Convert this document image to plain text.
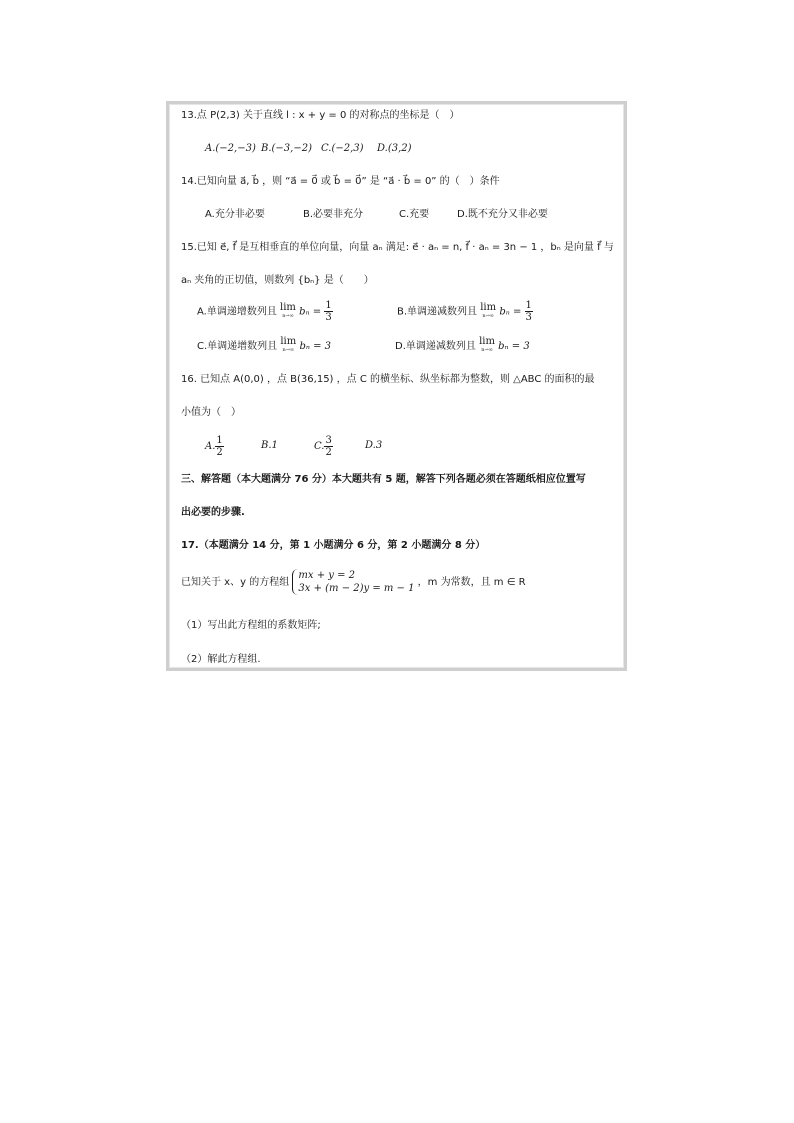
13.点 P(2,3) 关于直线 l : x + y = 0 的对称点的坐标是（　）
A.(−2,−3) B.(−3,−2) C.(−2,3) D.(3,2)
14.已知向量 a⃗, b⃗ ，则 “a⃗ = 0⃗ 或 b⃗ = 0⃗” 是 “a⃗ · b⃗ = 0” 的（　）条件
A.充分非必要	B.必要非充分	C.充要	D.既不充分又非必要
15.已知 e⃗, f⃗ 是互相垂直的单位向量，向量 aₙ 满足: e⃗ · aₙ = n, f⃗ · aₙ = 3n − 1 ，bₙ 是向量 f⃗ 与
aₙ 夹角的正切值，则数列 {bₙ} 是（　　）
A.单调递增数列且 lim
n→∞ $b_n = \frac{1}{3}$	B.单调递减数列且 lim
n→∞ $b_n = \frac{1}{3}$
C.单调递增数列且 lim
n→∞ bₙ = 3	D.单调递减数列且 lim
n→∞ bₙ = 3
16. 已知点 A(0,0) ，点 B(36,15) ，点 C 的横坐标、纵坐标都为整数，则 △ABC 的面积的最
小值为（　）
A. $\frac{1}{2}$	B.1	C. $\frac{3}{2}$	D.3
三、解答题（本大题满分 76 分）本大题共有 5 题，解答下列各题必须在答题纸相应位置写
出必要的步骤.
17.（本题满分 14 分，第 1 小题满分 6 分，第 2 小题满分 8 分）
已知关于 x、y 的方程组
mx + y = 2
3x + (m − 2)y = m − 1
，m 为常数，且 m ∈ R
（1）写出此方程组的系数矩阵;
（2）解此方程组.
